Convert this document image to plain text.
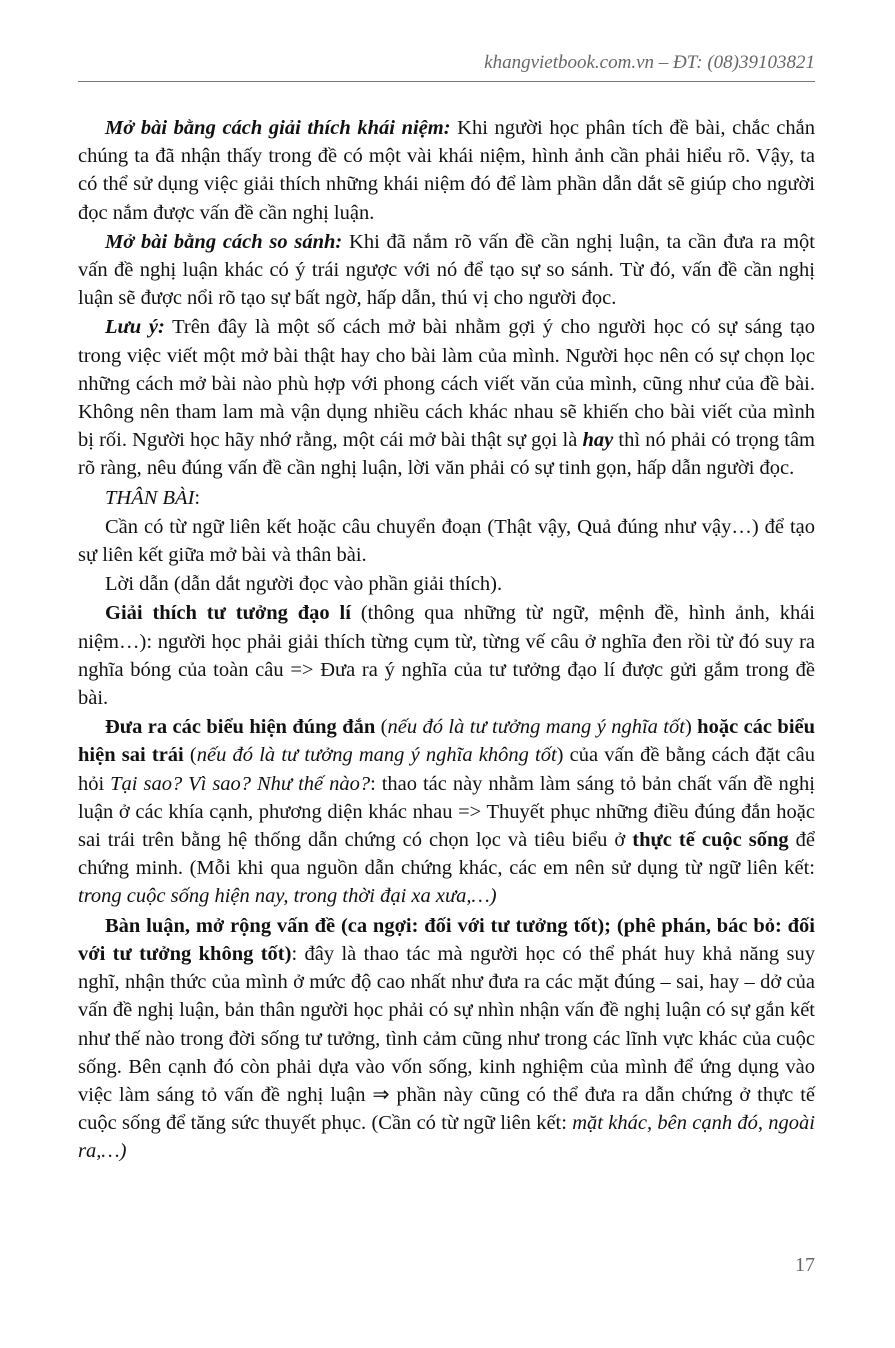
khangvietbook.com.vn – ĐT: (08)39103821

Mở bài bằng cách giải thích khái niệm: Khi người học phân tích đề bài, chắc chắn chúng ta đã nhận thấy trong đề có một vài khái niệm, hình ảnh cần phải hiểu rõ. Vậy, ta có thể sử dụng việc giải thích những khái niệm đó để làm phần dẫn dắt sẽ giúp cho người đọc nắm được vấn đề cần nghị luận.

Mở bài bằng cách so sánh: Khi đã nắm rõ vấn đề cần nghị luận, ta cần đưa ra một vấn đề nghị luận khác có ý trái ngược với nó để tạo sự so sánh. Từ đó, vấn đề cần nghị luận sẽ được nổi rõ tạo sự bất ngờ, hấp dẫn, thú vị cho người đọc.

Lưu ý: Trên đây là một số cách mở bài nhằm gợi ý cho người học có sự sáng tạo trong việc viết một mở bài thật hay cho bài làm của mình. Người học nên có sự chọn lọc những cách mở bài nào phù hợp với phong cách viết văn của mình, cũng như của đề bài. Không nên tham lam mà vận dụng nhiều cách khác nhau sẽ khiến cho bài viết của mình bị rối. Người học hãy nhớ rằng, một cái mở bài thật sự gọi là hay thì nó phải có trọng tâm rõ ràng, nêu đúng vấn đề cần nghị luận, lời văn phải có sự tinh gọn, hấp dẫn người đọc.

THÂN BÀI:

Cần có từ ngữ liên kết hoặc câu chuyển đoạn (Thật vậy, Quả đúng như vậy…) để tạo sự liên kết giữa mở bài và thân bài.

Lời dẫn (dẫn dắt người đọc vào phần giải thích).

Giải thích tư tưởng đạo lí (thông qua những từ ngữ, mệnh đề, hình ảnh, khái niệm…): người học phải giải thích từng cụm từ, từng vế câu ở nghĩa đen rồi từ đó suy ra nghĩa bóng của toàn câu => Đưa ra ý nghĩa của tư tưởng đạo lí được gửi gắm trong đề bài.

Đưa ra các biểu hiện đúng đắn (nếu đó là tư tưởng mang ý nghĩa tốt) hoặc các biểu hiện sai trái (nếu đó là tư tưởng mang ý nghĩa không tốt) của vấn đề bằng cách đặt câu hỏi Tại sao? Vì sao? Như thế nào?: thao tác này nhằm làm sáng tỏ bản chất vấn đề nghị luận ở các khía cạnh, phương diện khác nhau => Thuyết phục những điều đúng đắn hoặc sai trái trên bằng hệ thống dẫn chứng có chọn lọc và tiêu biểu ở thực tế cuộc sống để chứng minh. (Mỗi khi qua nguồn dẫn chứng khác, các em nên sử dụng từ ngữ liên kết: trong cuộc sống hiện nay, trong thời đại xa xưa,…)

Bàn luận, mở rộng vấn đề (ca ngợi: đối với tư tưởng tốt); (phê phán, bác bỏ: đối với tư tưởng không tốt): đây là thao tác mà người học có thể phát huy khả năng suy nghĩ, nhận thức của mình ở mức độ cao nhất như đưa ra các mặt đúng – sai, hay – dở của vấn đề nghị luận, bản thân người học phải có sự nhìn nhận vấn đề nghị luận có sự gắn kết như thế nào trong đời sống tư tưởng, tình cảm cũng như trong các lĩnh vực khác của cuộc sống. Bên cạnh đó còn phải dựa vào vốn sống, kinh nghiệm của mình để ứng dụng vào việc làm sáng tỏ vấn đề nghị luận ⇒ phần này cũng có thể đưa ra dẫn chứng ở thực tế cuộc sống để tăng sức thuyết phục. (Cần có từ ngữ liên kết: mặt khác, bên cạnh đó, ngoài ra,…)

17
